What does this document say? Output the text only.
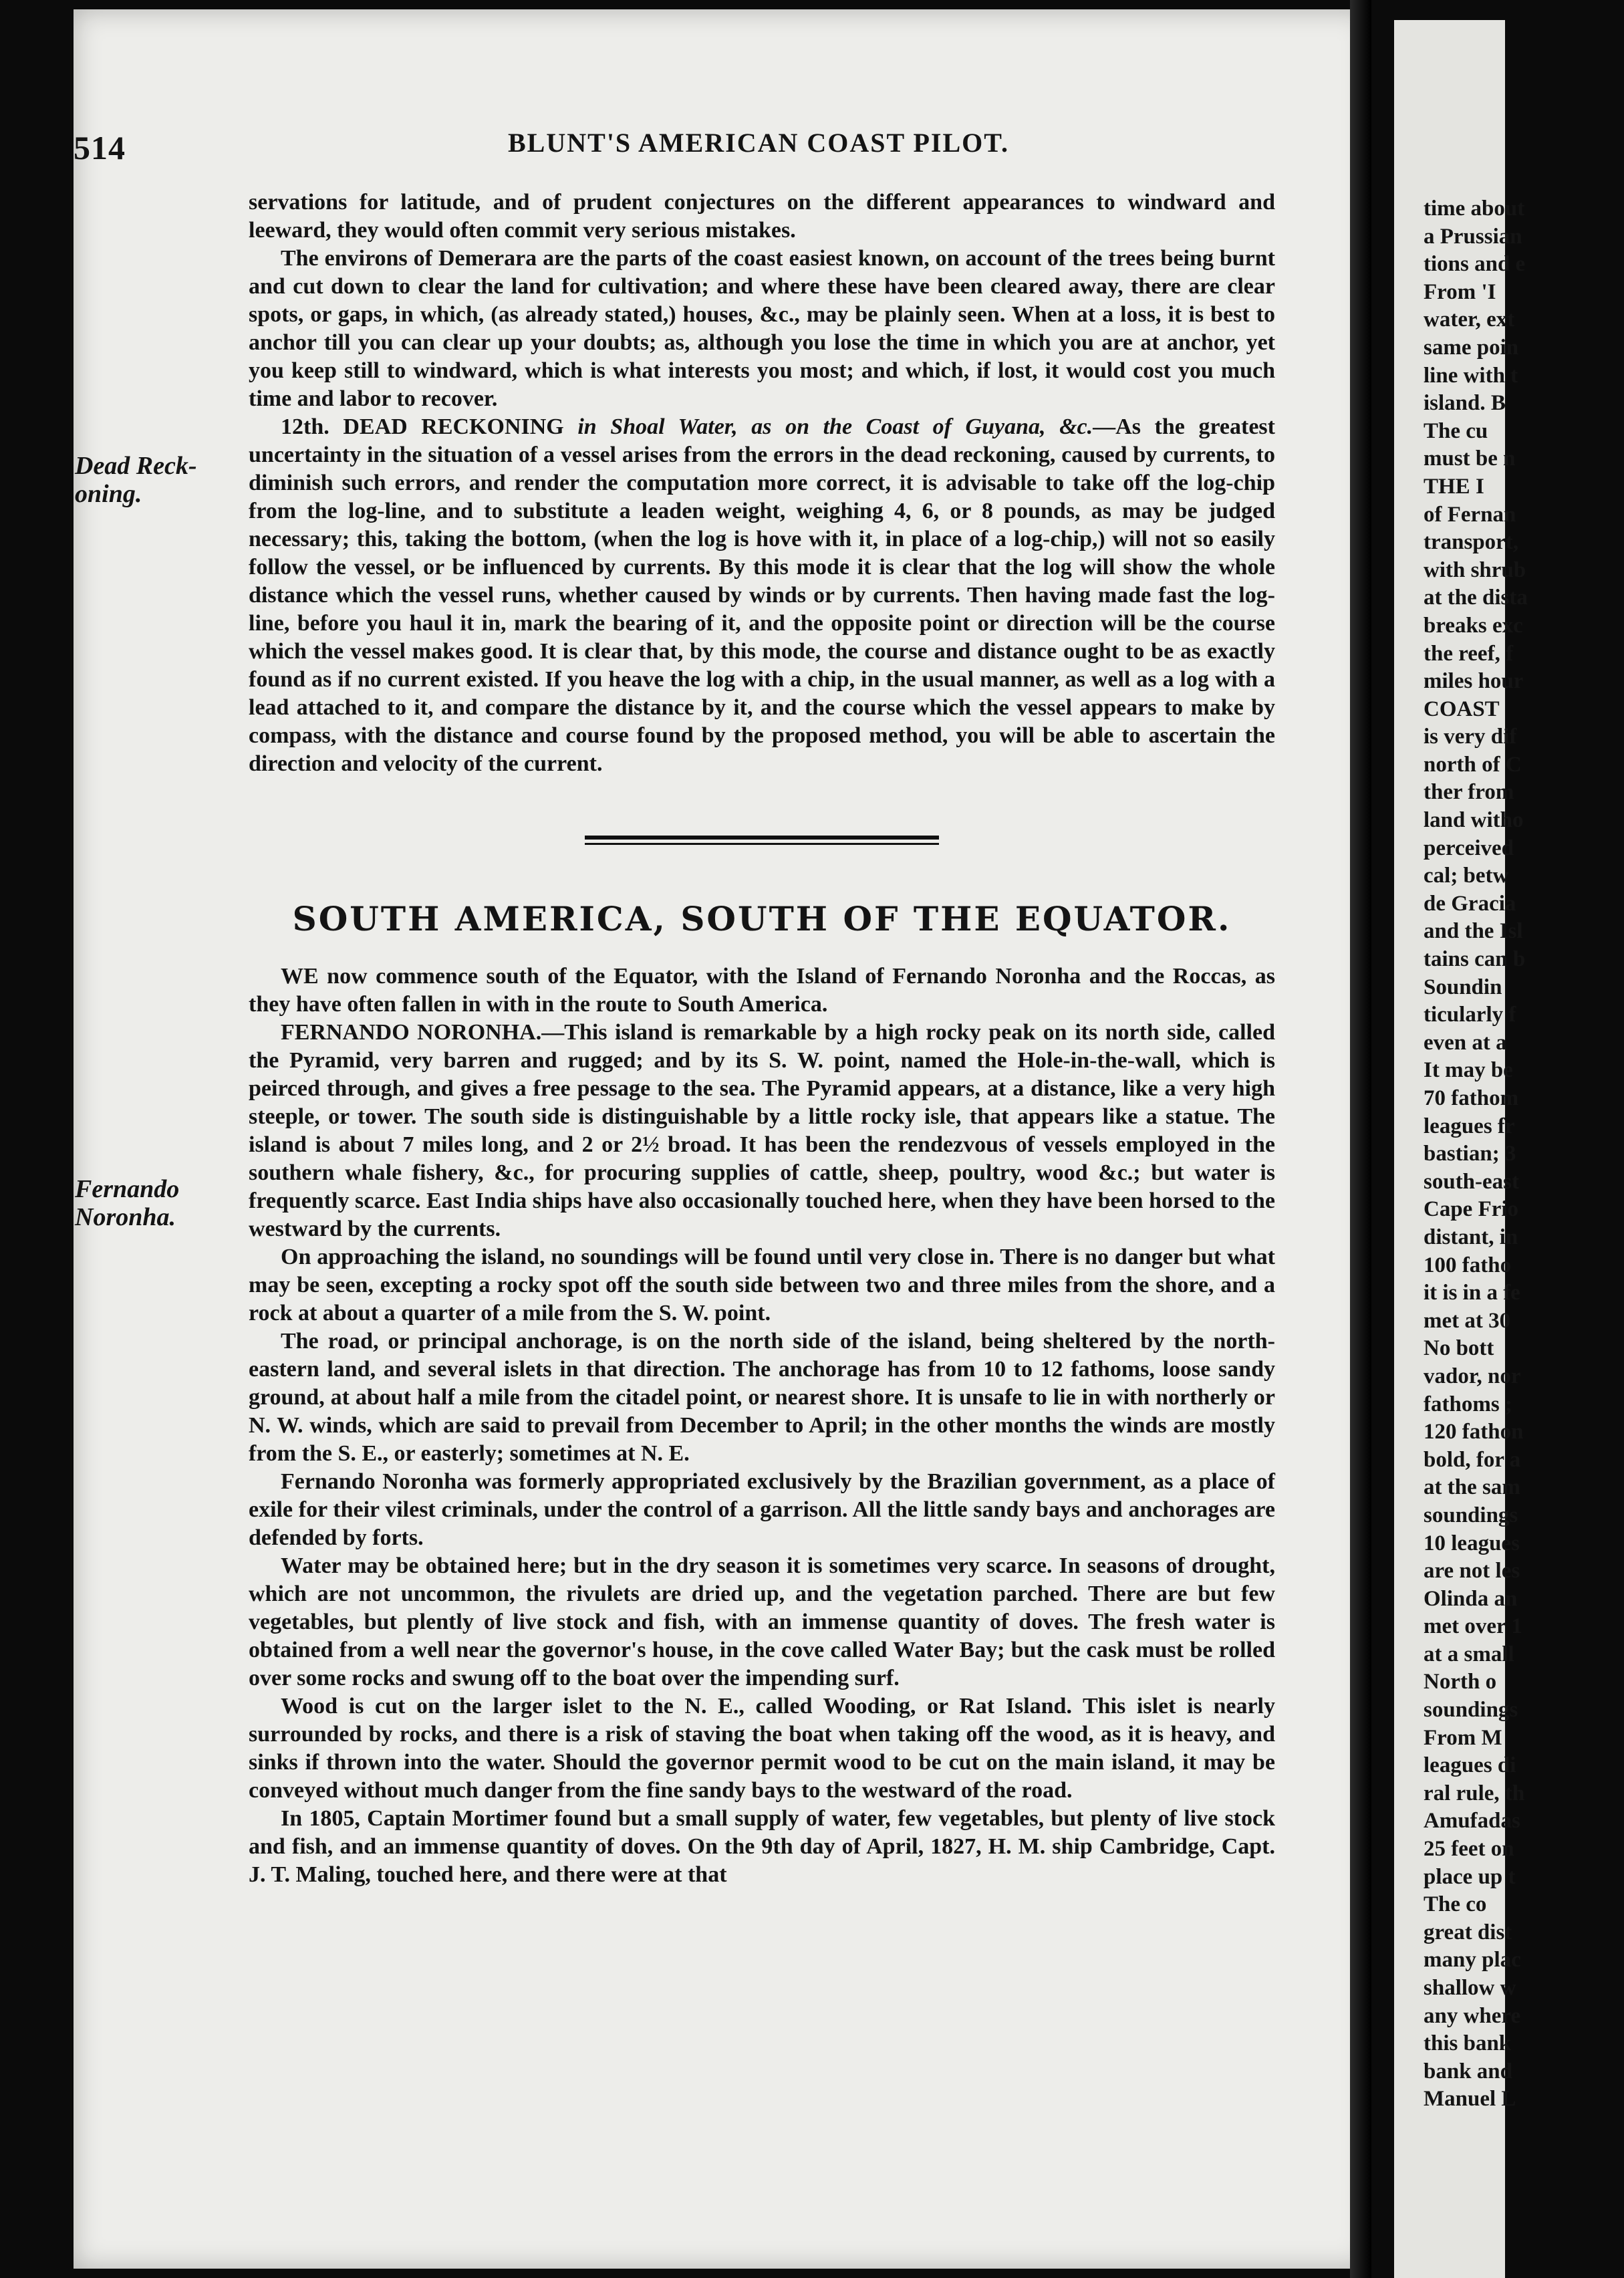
time about
a Prussian
tions and e
From 'I
water, ext
same poin
line with t
island. B
The cu
must be n
THE I
of Fernan
transport,
with shrub
at the dista
breaks exc
the reef, f
miles hour
COAST
is very dif
north of C
ther from
land witho
perceived
cal; betw
de Gracia
and the Isl
tains can b
Soundin
ticularly f
even at a
It may be
70 fathom
leagues fr
bastian; 3
south-east
Cape Frio
distant, in
100 fatho
it is in a fe
met at 30
No bott
vador, nor
fathoms ;
120 fathon
bold, for a
at the sam
soundings
10 leagues
are not les
Olinda an
met over 1
at a small
North o
soundings
From M
leagues di
ral rule, th
Amufadas
25 feet on
place up t
The co
great dist
many plac
shallow w
any where
this bank
bank and
Manuel L
514	BLUNT'S AMERICAN COAST PILOT.
Dead Reck-
oning.
Fernando
Noronha.

servations for latitude, and of prudent conjectures on the different appearances to windward and leeward, they would often commit very serious mistakes.

The environs of Demerara are the parts of the coast easiest known, on account of the trees being burnt and cut down to clear the land for cultivation; and where these have been cleared away, there are clear spots, or gaps, in which, (as already stated,) houses, &c., may be plainly seen. When at a loss, it is best to anchor till you can clear up your doubts; as, although you lose the time in which you are at anchor, yet you keep still to windward, which is what interests you most; and which, if lost, it would cost you much time and labor to recover.

12th. DEAD RECKONING in Shoal Water, as on the Coast of Guyana, &c.—As the greatest uncertainty in the situation of a vessel arises from the errors in the dead reckoning, caused by currents, to diminish such errors, and render the computation more correct, it is advisable to take off the log-chip from the log-line, and to substitute a leaden weight, weighing 4, 6, or 8 pounds, as may be judged necessary; this, taking the bottom, (when the log is hove with it, in place of a log-chip,) will not so easily follow the vessel, or be influenced by currents. By this mode it is clear that the log will show the whole distance which the vessel runs, whether caused by winds or by currents. Then having made fast the log-line, before you haul it in, mark the bearing of it, and the opposite point or direction will be the course which the vessel makes good. It is clear that, by this mode, the course and distance ought to be as exactly found as if no current existed. If you heave the log with a chip, in the usual manner, as well as a log with a lead attached to it, and compare the distance by it, and the course which the vessel appears to make by compass, with the distance and course found by the proposed method, you will be able to ascertain the direction and velocity of the current.

SOUTH AMERICA, SOUTH OF THE EQUATOR.

WE now commence south of the Equator, with the Island of Fernando Noronha and the Roccas, as they have often fallen in with in the route to South America.

FERNANDO NORONHA.—This island is remarkable by a high rocky peak on its north side, called the Pyramid, very barren and rugged; and by its S. W. point, named the Hole-in-the-wall, which is peirced through, and gives a free pessage to the sea. The Pyramid appears, at a distance, like a very high steeple, or tower. The south side is distinguishable by a little rocky isle, that appears like a statue. The island is about 7 miles long, and 2 or 2½ broad. It has been the rendezvous of vessels employed in the southern whale fishery, &c., for procuring supplies of cattle, sheep, poultry, wood &c.; but water is frequently scarce. East India ships have also occasionally touched here, when they have been horsed to the westward by the currents.

On approaching the island, no soundings will be found until very close in. There is no danger but what may be seen, excepting a rocky spot off the south side between two and three miles from the shore, and a rock at about a quarter of a mile from the S. W. point.

The road, or principal anchorage, is on the north side of the island, being sheltered by the north-eastern land, and several islets in that direction. The anchorage has from 10 to 12 fathoms, loose sandy ground, at about half a mile from the citadel point, or nearest shore. It is unsafe to lie in with northerly or N. W. winds, which are said to prevail from December to April; in the other months the winds are mostly from the S. E., or easterly; sometimes at N. E.

Fernando Noronha was formerly appropriated exclusively by the Brazilian government, as a place of exile for their vilest criminals, under the control of a garrison. All the little sandy bays and anchorages are defended by forts.

Water may be obtained here; but in the dry season it is sometimes very scarce. In seasons of drought, which are not uncommon, the rivulets are dried up, and the vegetation parched. There are but few vegetables, but plently of live stock and fish, with an immense quantity of doves. The fresh water is obtained from a well near the governor's house, in the cove called Water Bay; but the cask must be rolled over some rocks and swung off to the boat over the impending surf.

Wood is cut on the larger islet to the N. E., called Wooding, or Rat Island. This islet is nearly surrounded by rocks, and there is a risk of staving the boat when taking off the wood, as it is heavy, and sinks if thrown into the water. Should the governor permit wood to be cut on the main island, it may be conveyed without much danger from the fine sandy bays to the westward of the road.

In 1805, Captain Mortimer found but a small supply of water, few vegetables, but plenty of live stock and fish, and an immense quantity of doves. On the 9th day of April, 1827, H. M. ship Cambridge, Capt. J. T. Maling, touched here, and there were at that
